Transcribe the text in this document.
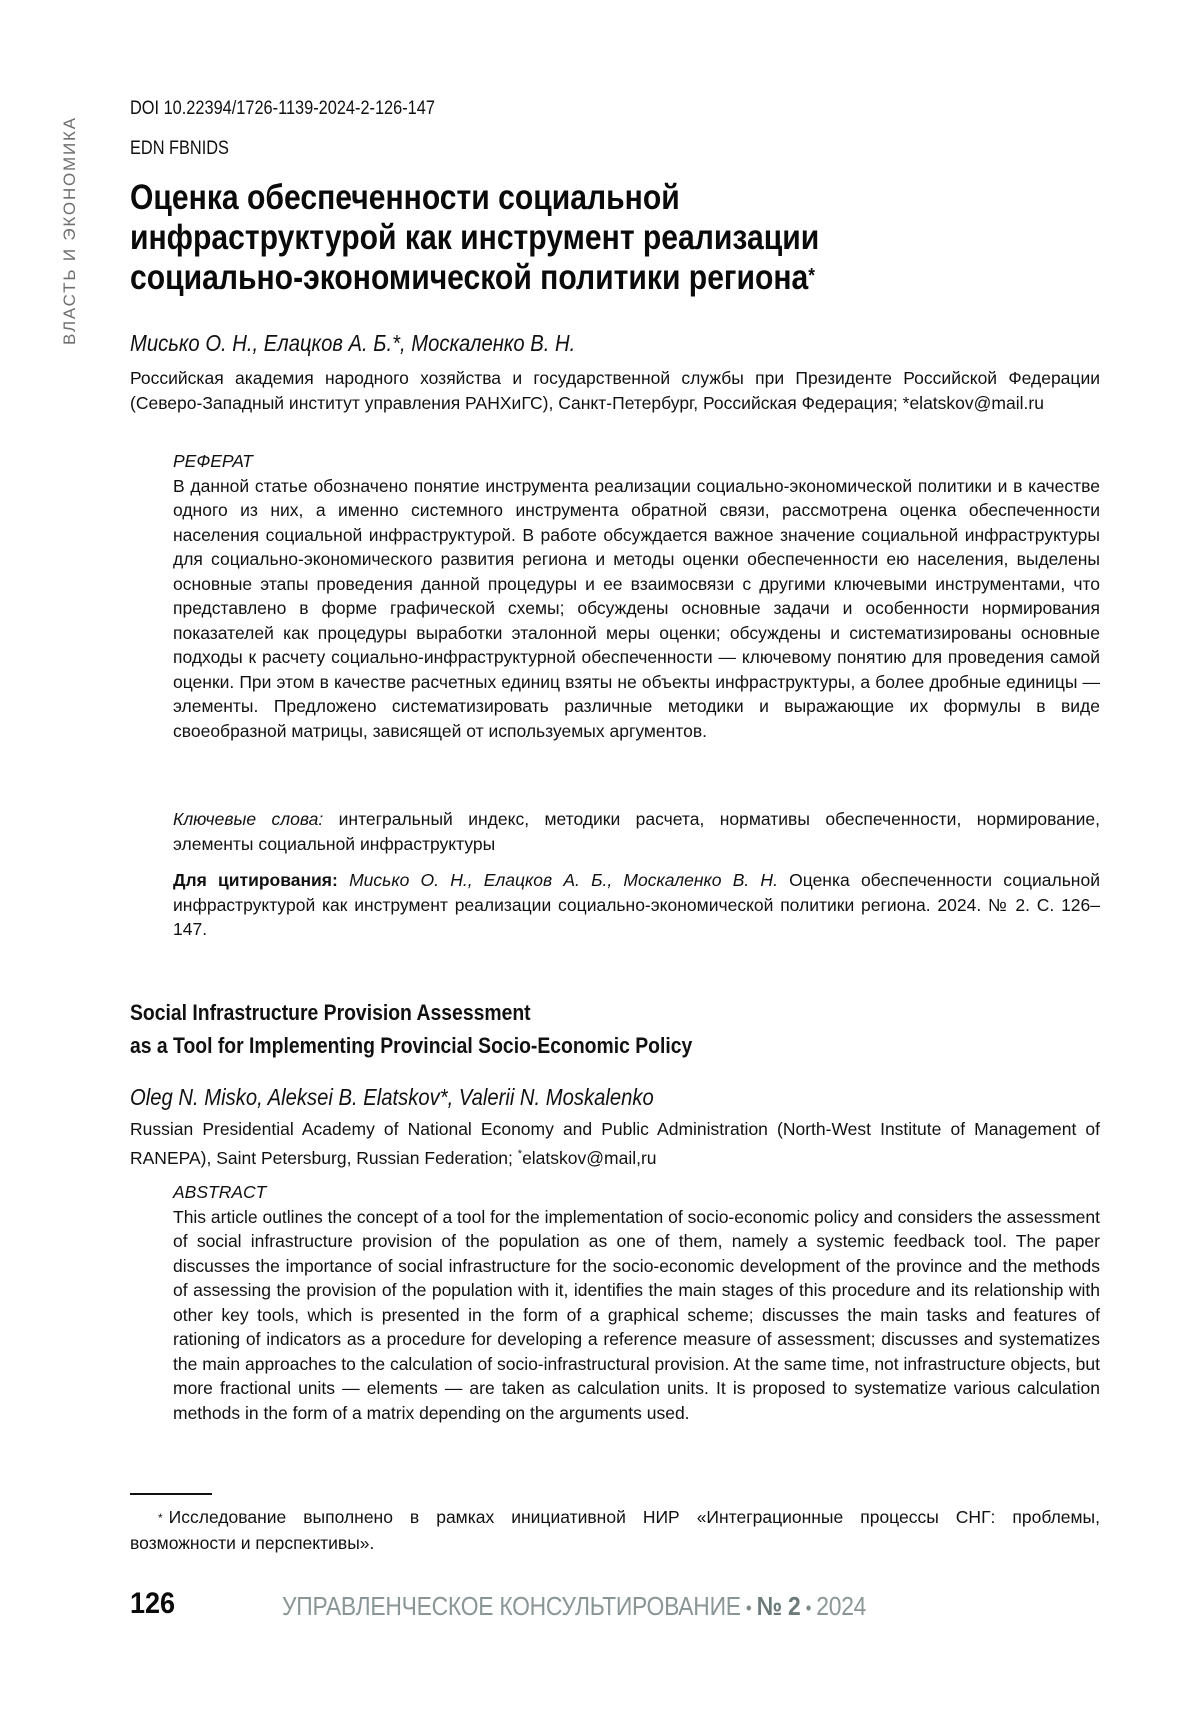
ВЛАСТЬ И ЭКОНОМИКА
DOI 10.22394/1726-1139-2024-2-126-147
EDN FBNIDS
Оценка обеспеченности социальной
инфраструктурой как инструмент реализации
социально-экономической политики региона*
Мисько О. Н., Елацков А. Б.*, Москаленко В. Н.
Российская академия народного хозяйства и государственной службы при Президенте Российской Федерации (Северо-Западный институт управления РАНХиГС), Санкт-Петербург, Российская Федерация; *elatskov@mail.ru
РЕФЕРАТ
В данной статье обозначено понятие инструмента реализации социально-экономической политики и в качестве одного из них, а именно системного инструмента обратной связи, рассмотрена оценка обеспеченности населения социальной инфраструктурой. В работе обсуждается важное значение социальной инфраструктуры для социально-экономического развития региона и методы оценки обеспеченности ею населения, выделены основные этапы проведения данной процедуры и ее взаимосвязи с другими ключевыми инструментами, что представлено в форме графической схемы; обсуждены основные задачи и особенности нормирования показателей как процедуры выработки эталонной меры оценки; обсуждены и систематизированы основные подходы к расчету социально-инфраструктурной обеспеченности — ключевому понятию для проведения самой оценки. При этом в качестве расчетных единиц взяты не объекты инфраструктуры, а более дробные единицы — элементы. Предложено систематизировать различные методики и выражающие их формулы в виде своеобразной матрицы, зависящей от используемых аргументов.
Ключевые слова: интегральный индекс, методики расчета, нормативы обеспеченности, нормирование, элементы социальной инфраструктуры
Для цитирования: Мисько О. Н., Елацков А. Б., Москаленко В. Н. Оценка обеспеченности социальной инфраструктурой как инструмент реализации социально-экономической политики региона. 2024. № 2. С. 126–147.
Social Infrastructure Provision Assessment
as a Tool for Implementing Provincial Socio-Economic Policy
Oleg N. Misko, Aleksei B. Elatskov*, Valerii N. Moskalenko
Russian Presidential Academy of National Economy and Public Administration (North-West Institute of Management of RANEPA), Saint Petersburg, Russian Federation; *elatskov@mail,ru
ABSTRACT
This article outlines the concept of a tool for the implementation of socio-economic policy and considers the assessment of social infrastructure provision of the population as one of them, namely a systemic feedback tool. The paper discusses the importance of social infrastructure for the socio-economic development of the province and the methods of assessing the provision of the population with it, identifies the main stages of this procedure and its relationship with other key tools, which is presented in the form of a graphical scheme; discusses the main tasks and features of rationing of indicators as a procedure for developing a reference measure of assessment; discusses and systematizes the main approaches to the calculation of socio-infrastructural provision. At the same time, not infrastructure objects, but more fractional units — elements — are taken as calculation units. It is proposed to systematize various calculation methods in the form of a matrix depending on the arguments used.
* Исследование выполнено в рамках инициативной НИР «Интеграционные процессы СНГ: проблемы, возможности и перспективы».
126	УПРАВЛЕНЧЕСКОЕ КОНСУЛЬТИРОВАНИЕ • № 2 • 2024
